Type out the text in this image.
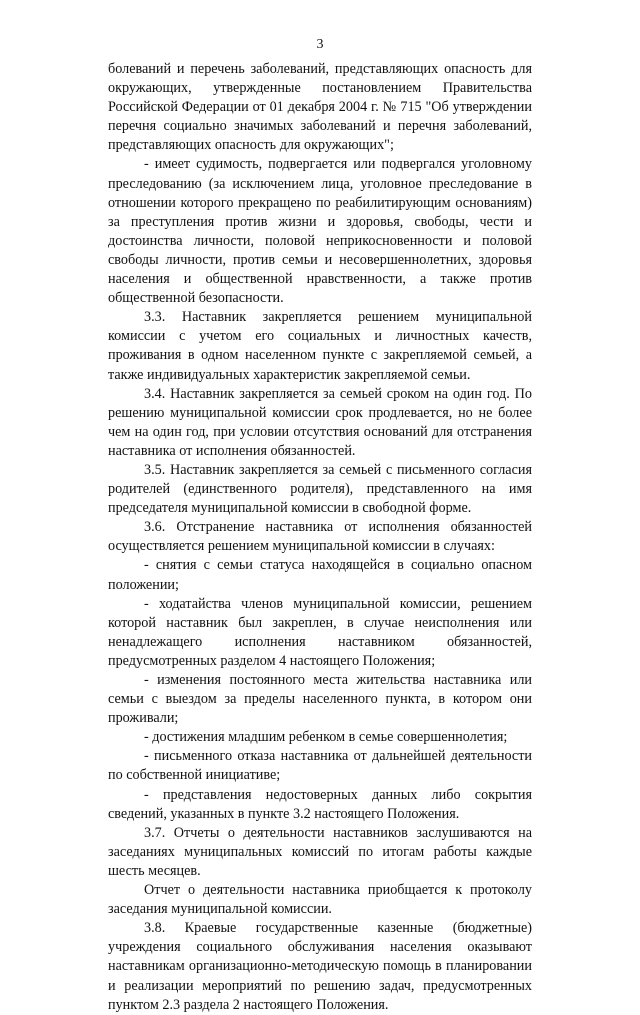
3

болеваний и перечень заболеваний, представляющих опасность для окружающих, утвержденные постановлением Правительства Российской Федерации от 01 декабря 2004 г. № 715 "Об утверждении перечня социально значимых заболеваний и перечня заболеваний, представляющих опасность для окружающих";

- имеет судимость, подвергается или подвергался уголовному преследованию (за исключением лица, уголовное преследование в отношении которого прекращено по реабилитирующим основаниям) за преступления против жизни и здоровья, свободы, чести и достоинства личности, половой неприкосновенности и половой свободы личности, против семьи и несовершеннолетних, здоровья населения и общественной нравственности, а также против общественной безопасности.

3.3. Наставник закрепляется решением муниципальной комиссии с учетом его социальных и личностных качеств, проживания в одном населенном пункте с закрепляемой семьей, а также индивидуальных характеристик закрепляемой семьи.

3.4. Наставник закрепляется за семьей сроком на один год. По решению муниципальной комиссии срок продлевается, но не более чем на один год, при условии отсутствия оснований для отстранения наставника от исполнения обязанностей.

3.5. Наставник закрепляется за семьей с письменного согласия родителей (единственного родителя), представленного на имя председателя муниципальной комиссии в свободной форме.

3.6. Отстранение наставника от исполнения обязанностей осуществляется решением муниципальной комиссии в случаях:

- снятия с семьи статуса находящейся в социально опасном положении;

- ходатайства членов муниципальной комиссии, решением которой наставник был закреплен, в случае неисполнения или ненадлежащего исполнения наставником обязанностей, предусмотренных разделом 4 настоящего Положения;

- изменения постоянного места жительства наставника или семьи с выездом за пределы населенного пункта, в котором они проживали;

- достижения младшим ребенком в семье совершеннолетия;

- письменного отказа наставника от дальнейшей деятельности по собственной инициативе;

- представления недостоверных данных либо сокрытия сведений, указанных в пункте 3.2 настоящего Положения.

3.7. Отчеты о деятельности наставников заслушиваются на заседаниях муниципальных комиссий по итогам работы каждые шесть месяцев.

Отчет о деятельности наставника приобщается к протоколу заседания муниципальной комиссии.

3.8. Краевые государственные казенные (бюджетные) учреждения социального обслуживания населения оказывают наставникам организационно-методическую помощь в планировании и реализации мероприятий по решению задач, предусмотренных пунктом 2.3 раздела 2 настоящего Положения.
